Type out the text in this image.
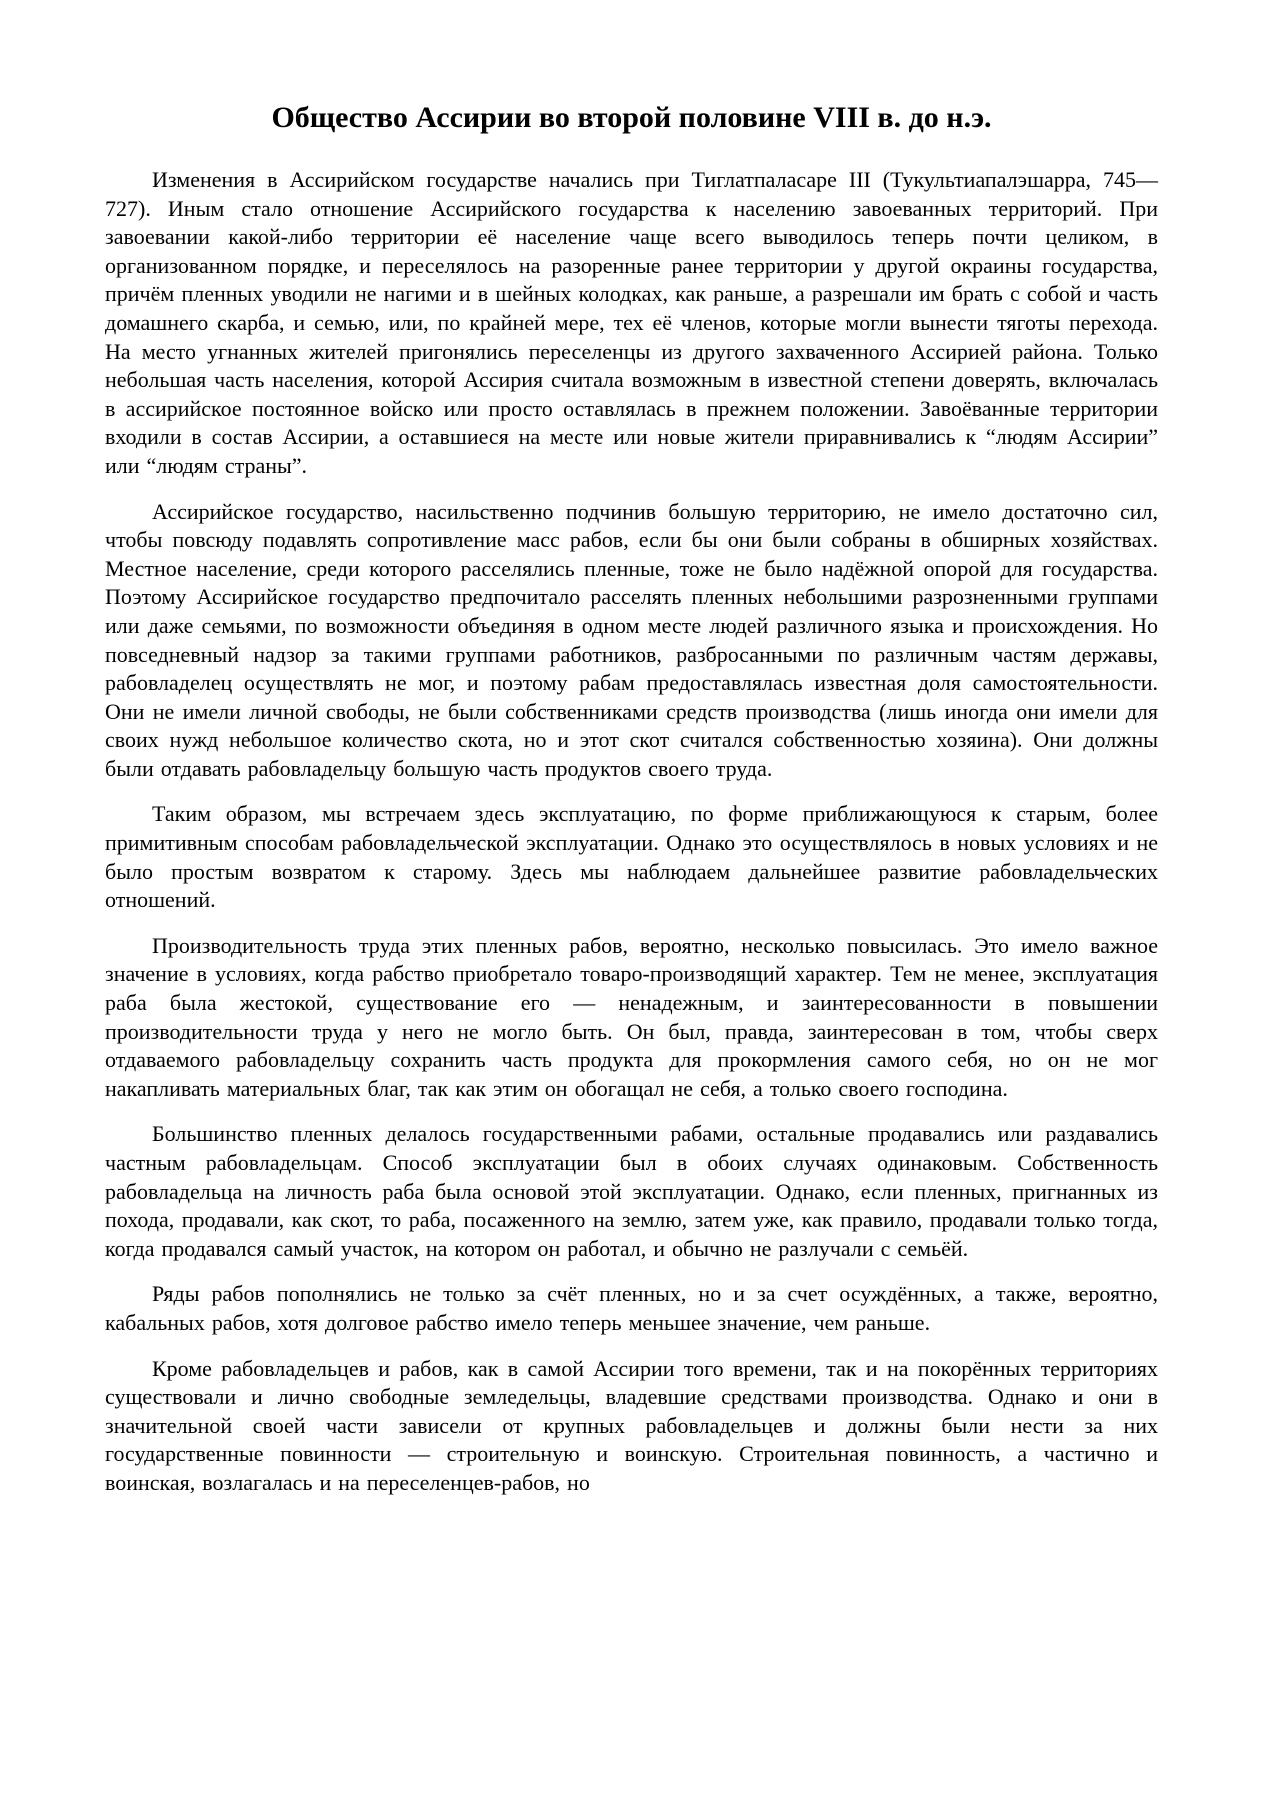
Общество Ассирии во второй половине VIII в. до н.э.

Изменения в Ассирийском государстве начались при Тиглатпаласаре III (Тукультиапалэшарра, 745—727). Иным стало отношение Ассирийского государства к населению завоеванных территорий. При завоевании какой-либо территории её население чаще всего выводилось теперь почти целиком, в организованном порядке, и переселялось на разоренные ранее территории у другой окраины государства, причём пленных уводили не нагими и в шейных колодках, как раньше, а разрешали им брать с собой и часть домашнего скарба, и семью, или, по крайней мере, тех её членов, которые могли вынести тяготы перехода. На место угнанных жителей пригонялись переселенцы из другого захваченного Ассирией района. Только небольшая часть населения, которой Ассирия считала возможным в известной степени доверять, включалась в ассирийское постоянное войско или просто оставлялась в прежнем положении. Завоёванные территории входили в состав Ассирии, а оставшиеся на месте или новые жители приравнивались к “людям Ассирии” или “людям страны”.

Ассирийское государство, насильственно подчинив большую территорию, не имело достаточно сил, чтобы повсюду подавлять сопротивление масс рабов, если бы они были собраны в обширных хозяйствах. Местное население, среди которого расселялись пленные, тоже не было надёжной опорой для государства. Поэтому Ассирийское государство предпочитало расселять пленных небольшими разрозненными группами или даже семьями, по возможности объединяя в одном месте людей различного языка и происхождения. Но повседневный надзор за такими группами работников, разбросанными по различным частям державы, рабовладелец осуществлять не мог, и поэтому рабам предоставлялась известная доля самостоятельности. Они не имели личной свободы, не были собственниками средств производства (лишь иногда они имели для своих нужд небольшое количество скота, но и этот скот считался собственностью хозяина). Они должны были отдавать рабовладельцу большую часть продуктов своего труда.

Таким образом, мы встречаем здесь эксплуатацию, по форме приближающуюся к старым, более примитивным способам рабовладельческой эксплуатации. Однако это осуществлялось в новых условиях и не было простым возвратом к старому. Здесь мы наблюдаем дальнейшее развитие рабовладельческих отношений.

Производительность труда этих пленных рабов, вероятно, несколько повысилась. Это имело важное значение в условиях, когда рабство приобретало товаро-производящий характер. Тем не менее, эксплуатация раба была жестокой, существование его — ненадежным, и заинтересованности в повышении производительности труда у него не могло быть. Он был, правда, заинтересован в том, чтобы сверх отдаваемого рабовладельцу сохранить часть продукта для прокормления самого себя, но он не мог накапливать материальных благ, так как этим он обогащал не себя, а только своего господина.

Большинство пленных делалось государственными рабами, остальные продавались или раздавались частным рабовладельцам. Способ эксплуатации был в обоих случаях одинаковым. Собственность рабовладельца на личность раба была основой этой эксплуатации. Однако, если пленных, пригнанных из похода, продавали, как скот, то раба, посаженного на землю, затем уже, как правило, продавали только тогда, когда продавался самый участок, на котором он работал, и обычно не разлучали с семьёй.

Ряды рабов пополнялись не только за счёт пленных, но и за счет осуждённых, а также, вероятно, кабальных рабов, хотя долговое рабство имело теперь меньшее значение, чем раньше.

Кроме рабовладельцев и рабов, как в самой Ассирии того времени, так и на покорённых территориях существовали и лично свободные земледельцы, владевшие средствами производства. Однако и они в значительной своей части зависели от крупных рабовладельцев и должны были нести за них государственные повинности — строительную и воинскую. Строительная повинность, а частично и воинская, возлагалась и на переселенцев-рабов, но
